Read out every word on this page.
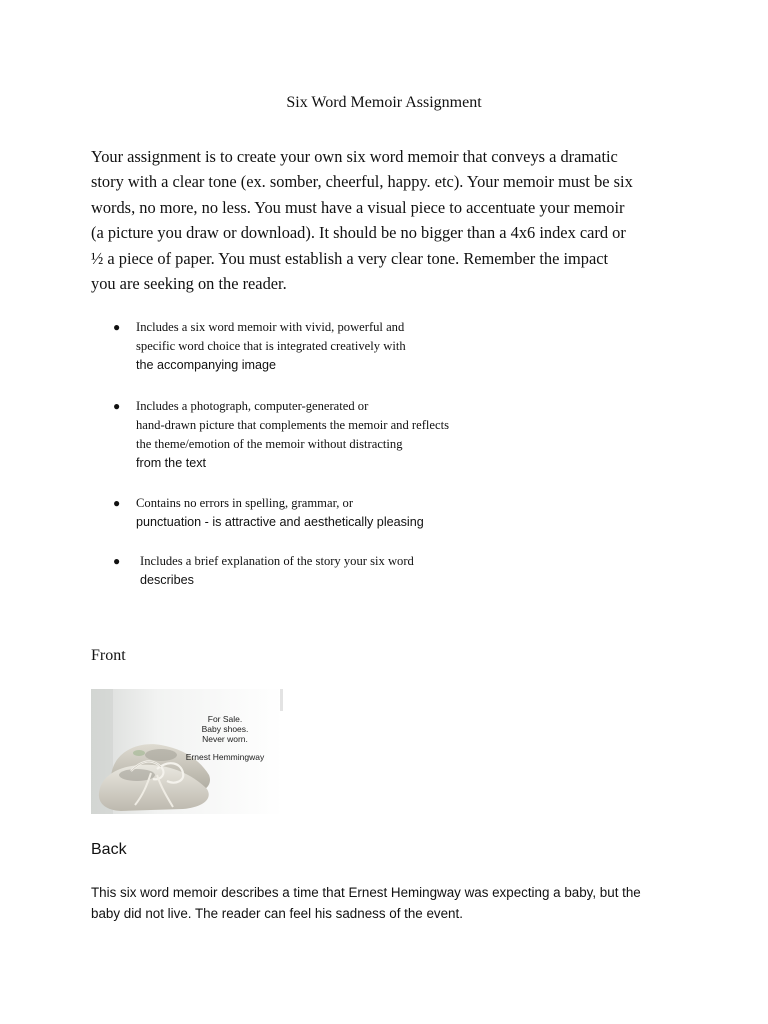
Six Word Memoir Assignment
Your assignment is to create your own six word memoir that conveys a dramatic
story with a clear tone (ex. somber, cheerful, happy. etc). Your memoir must be six
words, no more, no less. You must have a visual piece to accentuate your memoir
(a picture you draw or download). It should be no bigger than a 4x6 index card or
½ a piece of paper. You must establish a very clear tone. Remember the impact
you are seeking on the reader.
●	Includes a six word memoir with vivid, powerful and
specific word choice that is integrated creatively with
the accompanying image
●	Includes a photograph, computer-generated or
hand-drawn picture that complements the memoir and reflects
the theme/emotion of the memoir without distracting
from the text
●	Contains no errors in spelling, grammar, or
punctuation - is attractive and aesthetically pleasing
●	Includes a brief explanation of the story your six word
describes
Front
For Sale.
Baby shoes.
Never worn.
Ernest Hemmingway
Back
This six word memoir describes a time that Ernest Hemingway was expecting a baby, but the
baby did not live. The reader can feel his sadness of the event.
